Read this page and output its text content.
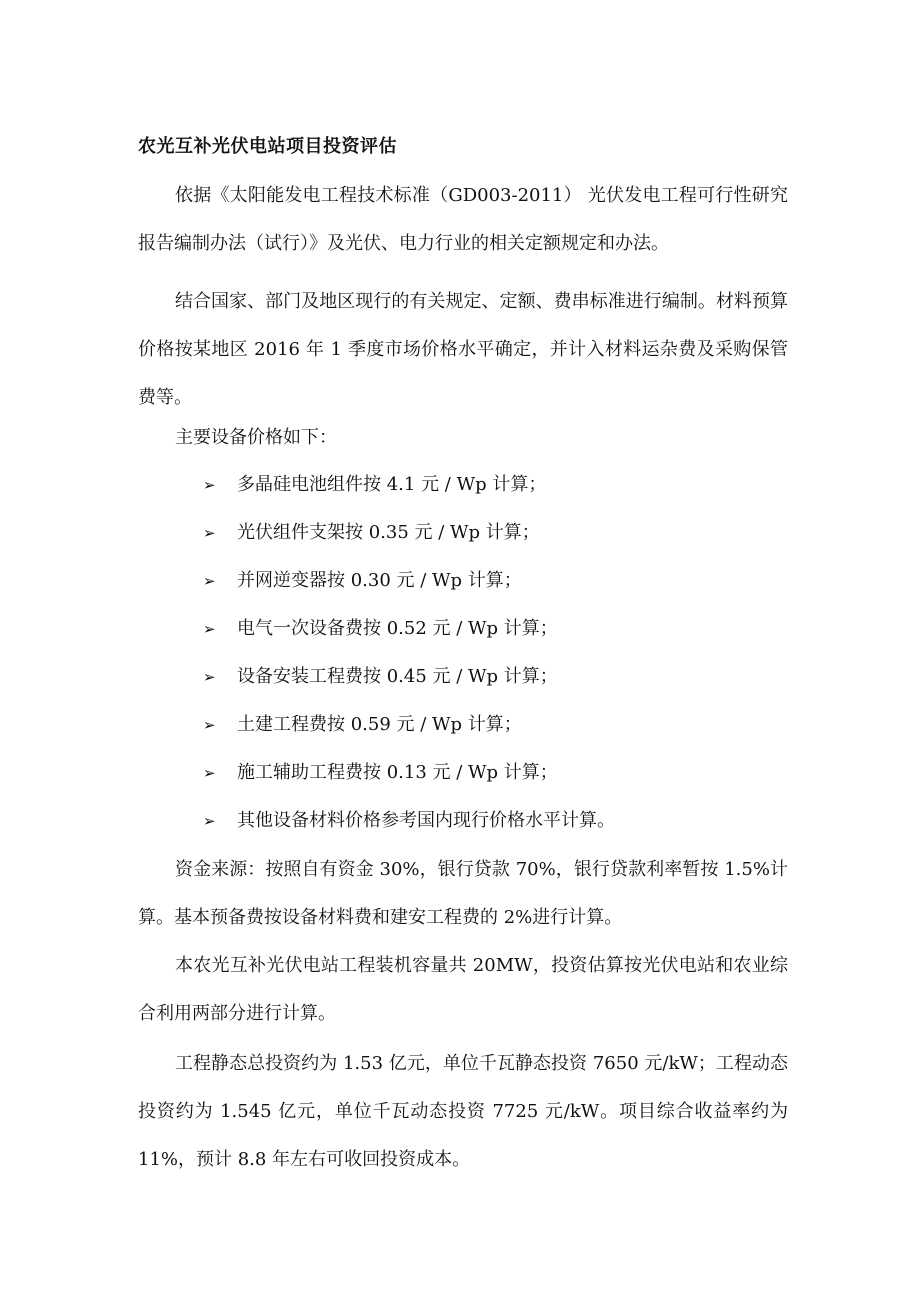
农光互补光伏电站项目投资评估

依据《太阳能发电工程技术标准（GD003-2011） 光伏发电工程可行性研究报告编制办法（试行）》及光伏、电力行业的相关定额规定和办法。

结合国家、部门及地区现行的有关规定、定额、费串标准进行编制。材料预算价格按某地区 2016 年 1 季度市场价格水平确定，并计入材料运杂费及采购保管费等。

主要设备价格如下：

➢ 多晶硅电池组件按 4.1 元 / Wp 计算；
➢ 光伏组件支架按 0.35 元 / Wp 计算；
➢ 并网逆变器按 0.30 元 / Wp 计算；
➢ 电气一次设备费按 0.52 元 / Wp 计算；
➢ 设备安装工程费按 0.45 元 / Wp 计算；
➢ 土建工程费按 0.59 元 / Wp 计算；
➢ 施工辅助工程费按 0.13 元 / Wp 计算；
➢ 其他设备材料价格参考国内现行价格水平计算。

资金来源：按照自有资金 30%，银行贷款 70%，银行贷款利率暂按 1.5%计算。基本预备费按设备材料费和建安工程费的 2%进行计算。

本农光互补光伏电站工程装机容量共 20MW，投资估算按光伏电站和农业综合利用两部分进行计算。

工程静态总投资约为 1.53 亿元，单位千瓦静态投资 7650 元/kW；工程动态投资约为 1.545 亿元，单位千瓦动态投资 7725 元/kW。项目综合收益率约为 11%，预计 8.8 年左右可收回投资成本。
